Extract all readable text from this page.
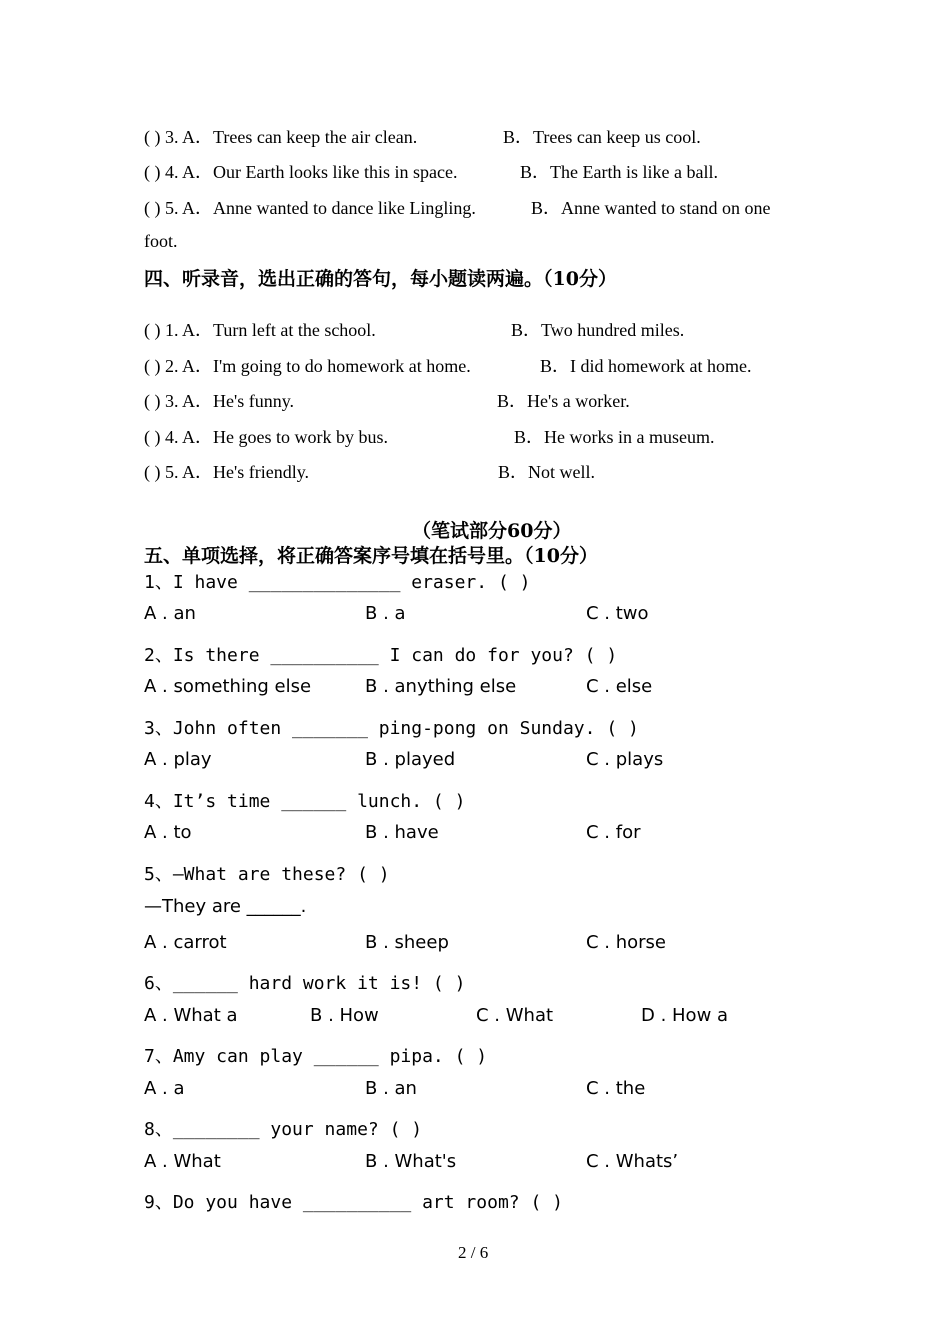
( ) 3. A．Trees can keep the air clean.	B．Trees can keep us cool.
( ) 4. A．Our Earth looks like this in space.	B．The Earth is like a ball.
( ) 5. A．Anne wanted to dance like Lingling.	B．Anne wanted to stand on one
foot.
四、听录音，选出正确的答句，每小题读两遍。（10分）
( ) 1. A．Turn left at the school.	B．Two hundred miles.
( ) 2. A．I'm going to do homework at home.	B．I did homework at home.
( ) 3. A．He's funny.	B．He's a worker.
( ) 4. A．He goes to work by bus.	B．He works in a museum.
( ) 5. A．He's friendly.	B．Not well.
（笔试部分60分）
五、单项选择，将正确答案序号填在括号里。（10分）
1、I have ______________ eraser. ( )
A . an	B . a	C . two
2、Is there __________ I can do for you? ( )
A . something else	B . anything else	C . else
3、John often _______ ping-pong on Sunday. ( )
A . play	B . played	C . plays
4、It’s time ______ lunch. ( )
A . to	B . have	C . for
5、—What are these? ( )
—They are ______.
A . carrot	B . sheep	C . horse
6、______ hard work it is! ( )
A . What a	B . How	C . What	D . How a
7、Amy can play ______ pipa. ( )
A . a	B . an	C . the
8、________ your name? ( )
A . What	B . What's	C . Whats’
9、Do you have __________ art room? ( )
2 / 6
